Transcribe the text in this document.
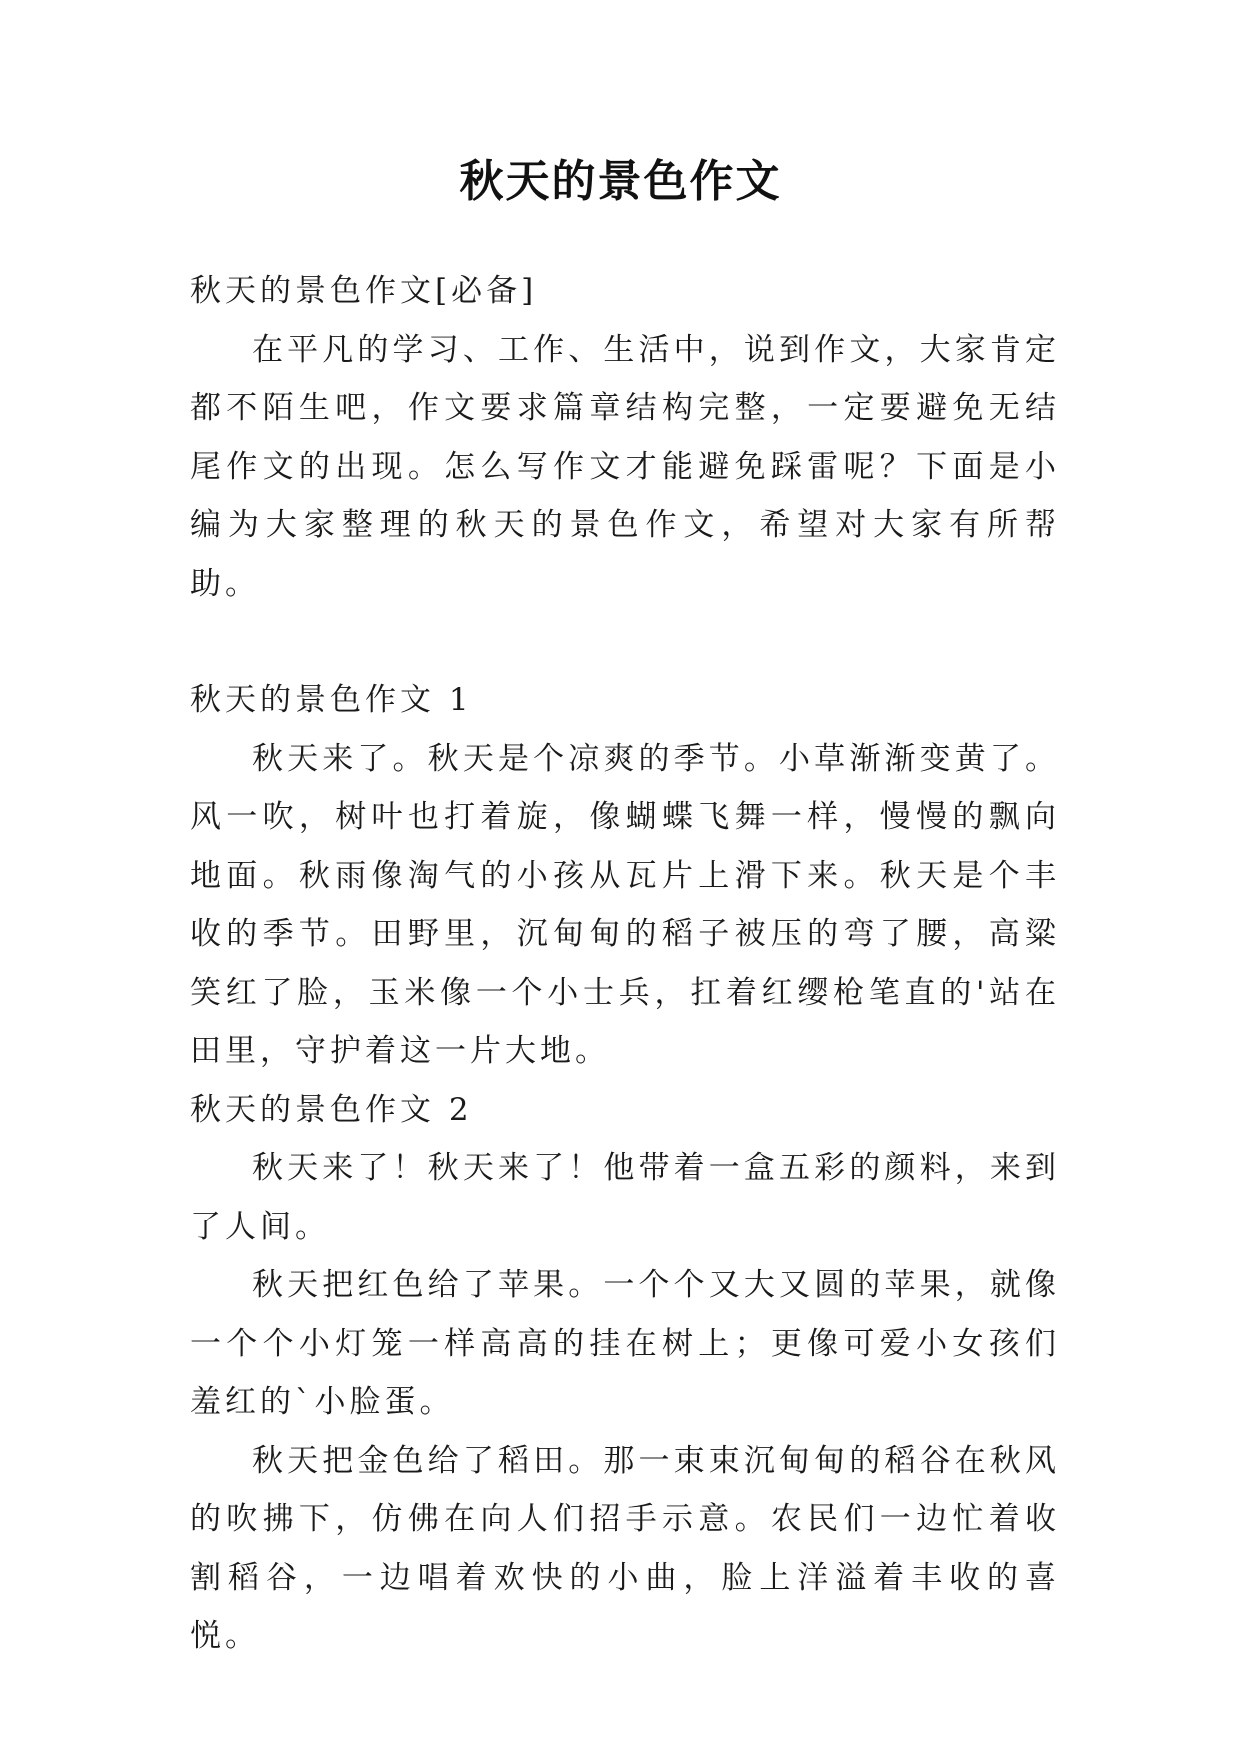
秋天的景色作文

秋天的景色作文[必备]

在平凡的学习、工作、生活中，说到作文，大家肯定都不陌生吧，作文要求篇章结构完整，一定要避免无结尾作文的出现。怎么写作文才能避免踩雷呢？下面是小编为大家整理的秋天的景色作文，希望对大家有所帮助。

秋天的景色作文 1

秋天来了。秋天是个凉爽的季节。小草渐渐变黄了。风一吹，树叶也打着旋，像蝴蝶飞舞一样，慢慢的飘向地面。秋雨像淘气的小孩从瓦片上滑下来。秋天是个丰收的季节。田野里，沉甸甸的稻子被压的弯了腰，高粱笑红了脸，玉米像一个小士兵，扛着红缨枪笔直的'站在田里，守护着这一片大地。

秋天的景色作文 2

秋天来了！秋天来了！他带着一盒五彩的颜料，来到了人间。

秋天把红色给了苹果。一个个又大又圆的苹果，就像一个个小灯笼一样高高的挂在树上；更像可爱小女孩们羞红的`小脸蛋。

秋天把金色给了稻田。那一束束沉甸甸的稻谷在秋风的吹拂下，仿佛在向人们招手示意。农民们一边忙着收割稻谷，一边唱着欢快的小曲，脸上洋溢着丰收的喜悦。
